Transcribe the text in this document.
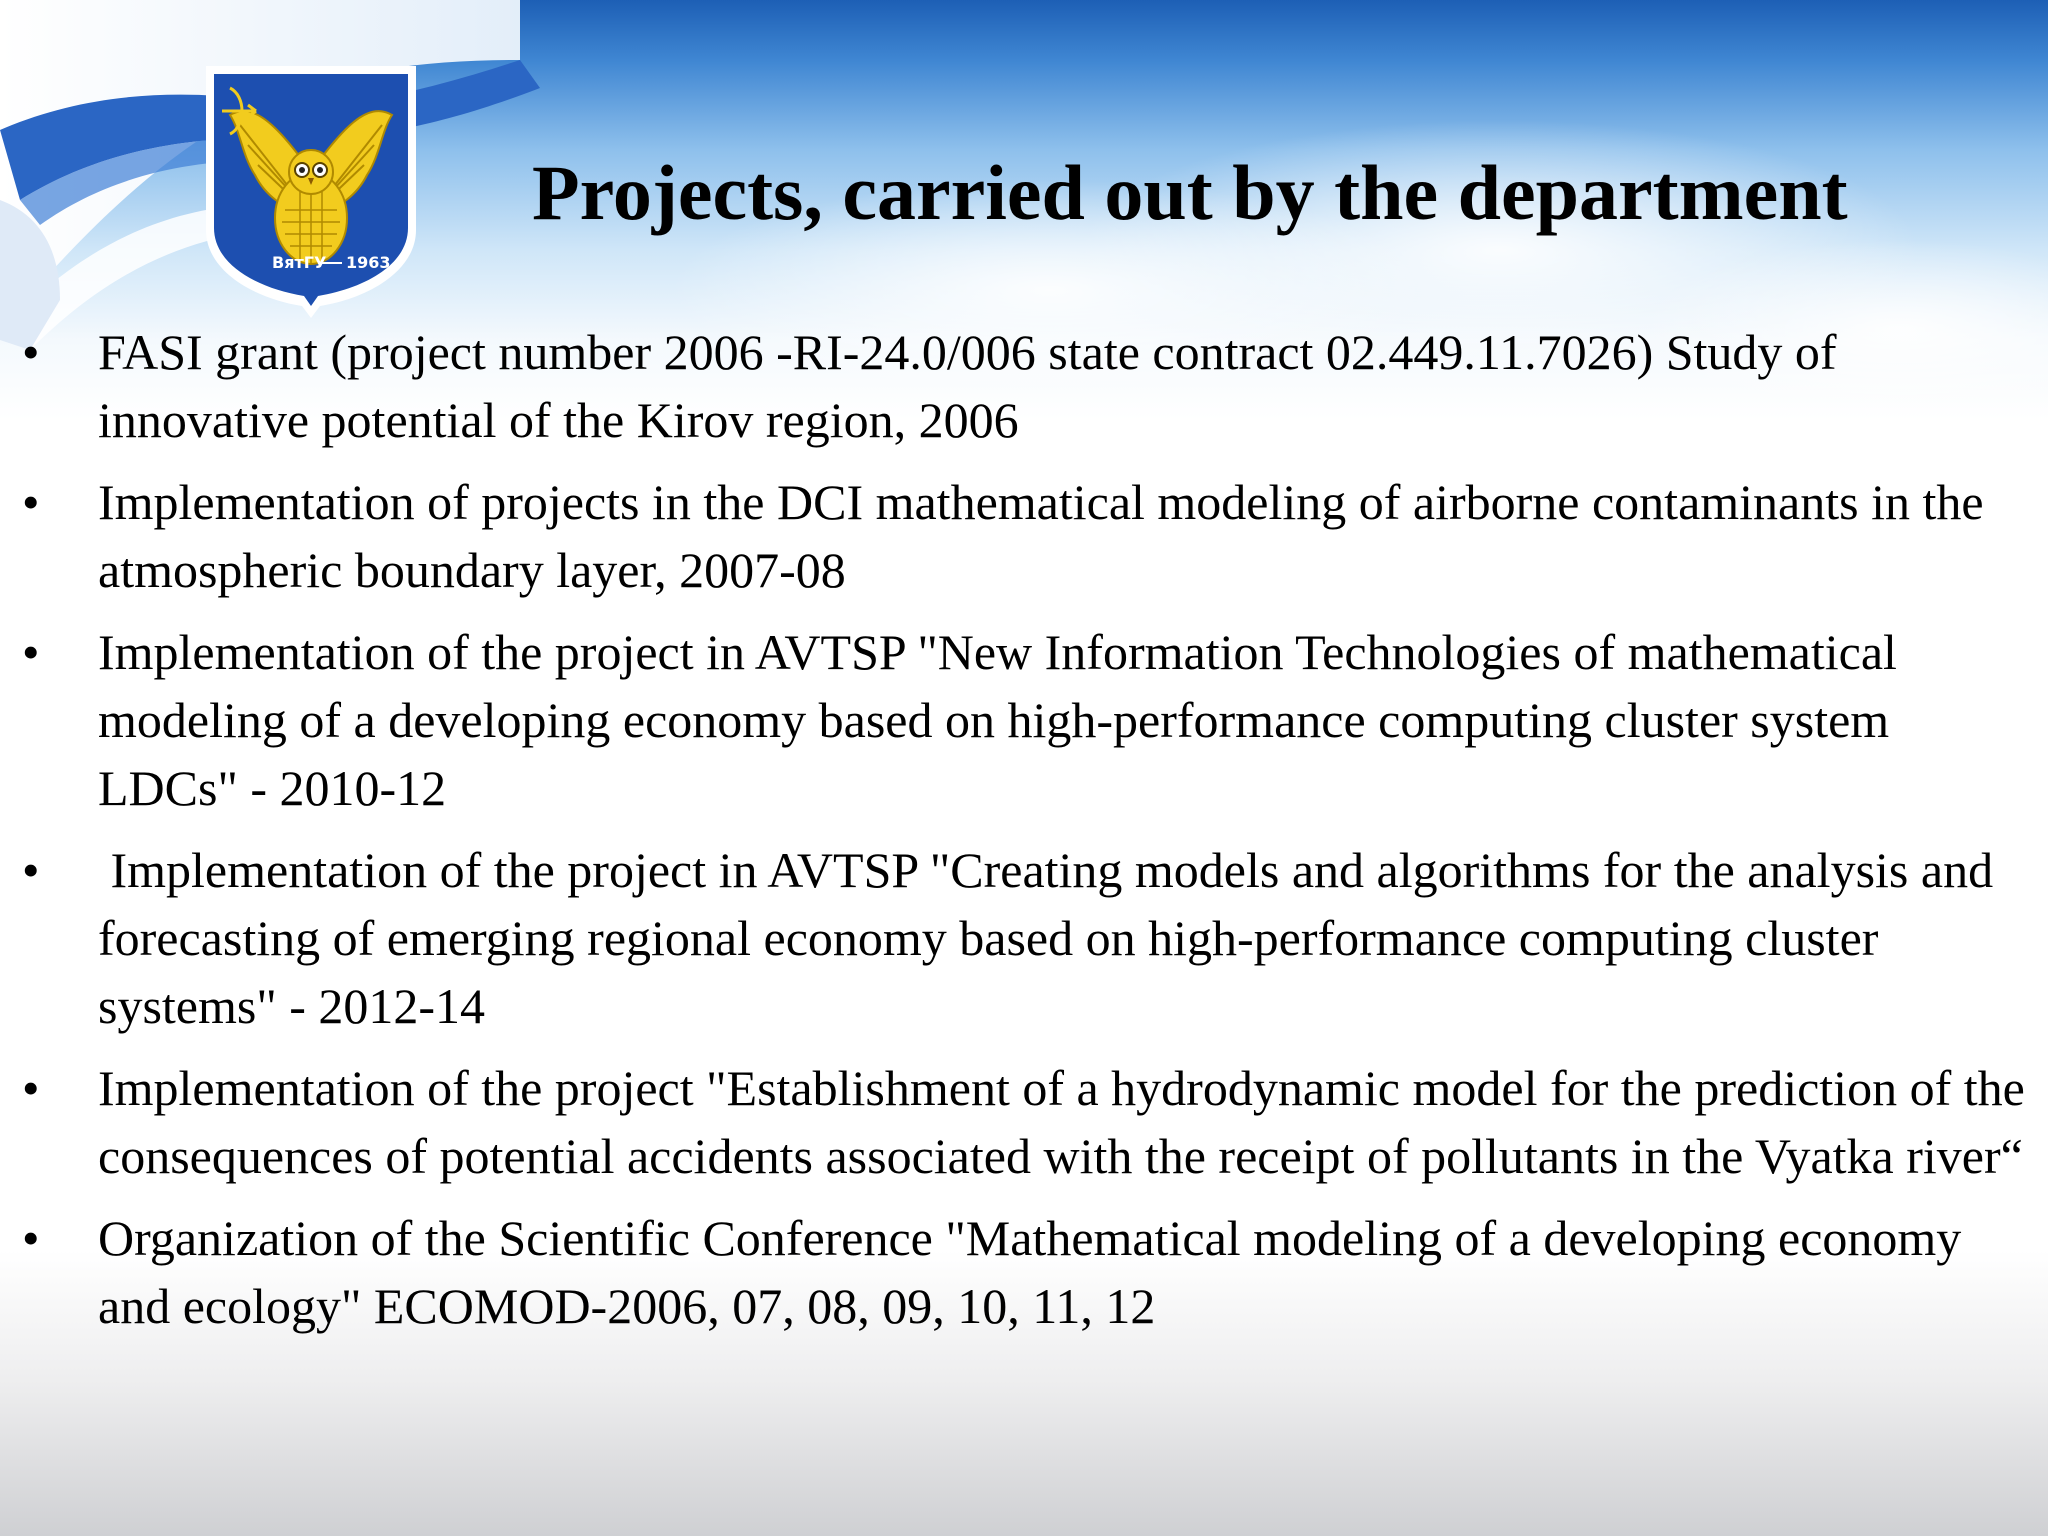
ВятГУ 1963
Projects, carried out by the department
•	FASI grant (project number 2006 -RI-24.0/006 state contract 02.449.11.7026) Study of innovative potential of the Kirov region, 2006
•	Implementation of projects in the DCI mathematical modeling of airborne contaminants in the atmospheric boundary layer, 2007-08
•	Implementation of the project in AVTSP "New Information Technologies of mathematical modeling of a developing economy based on high-performance computing cluster system LDCs" - 2010-12
•	Implementation of the project in AVTSP "Creating models and algorithms for the analysis and forecasting of emerging regional economy based on high-performance computing cluster systems" - 2012-14
•	Implementation of the project "Establishment of a hydrodynamic model for the prediction of the consequences of potential accidents associated with the receipt of pollutants in the Vyatka river“
•	Organization of the Scientific Conference "Mathematical modeling of a developing economy and ecology" ECOMOD-2006, 07, 08, 09, 10, 11, 12
